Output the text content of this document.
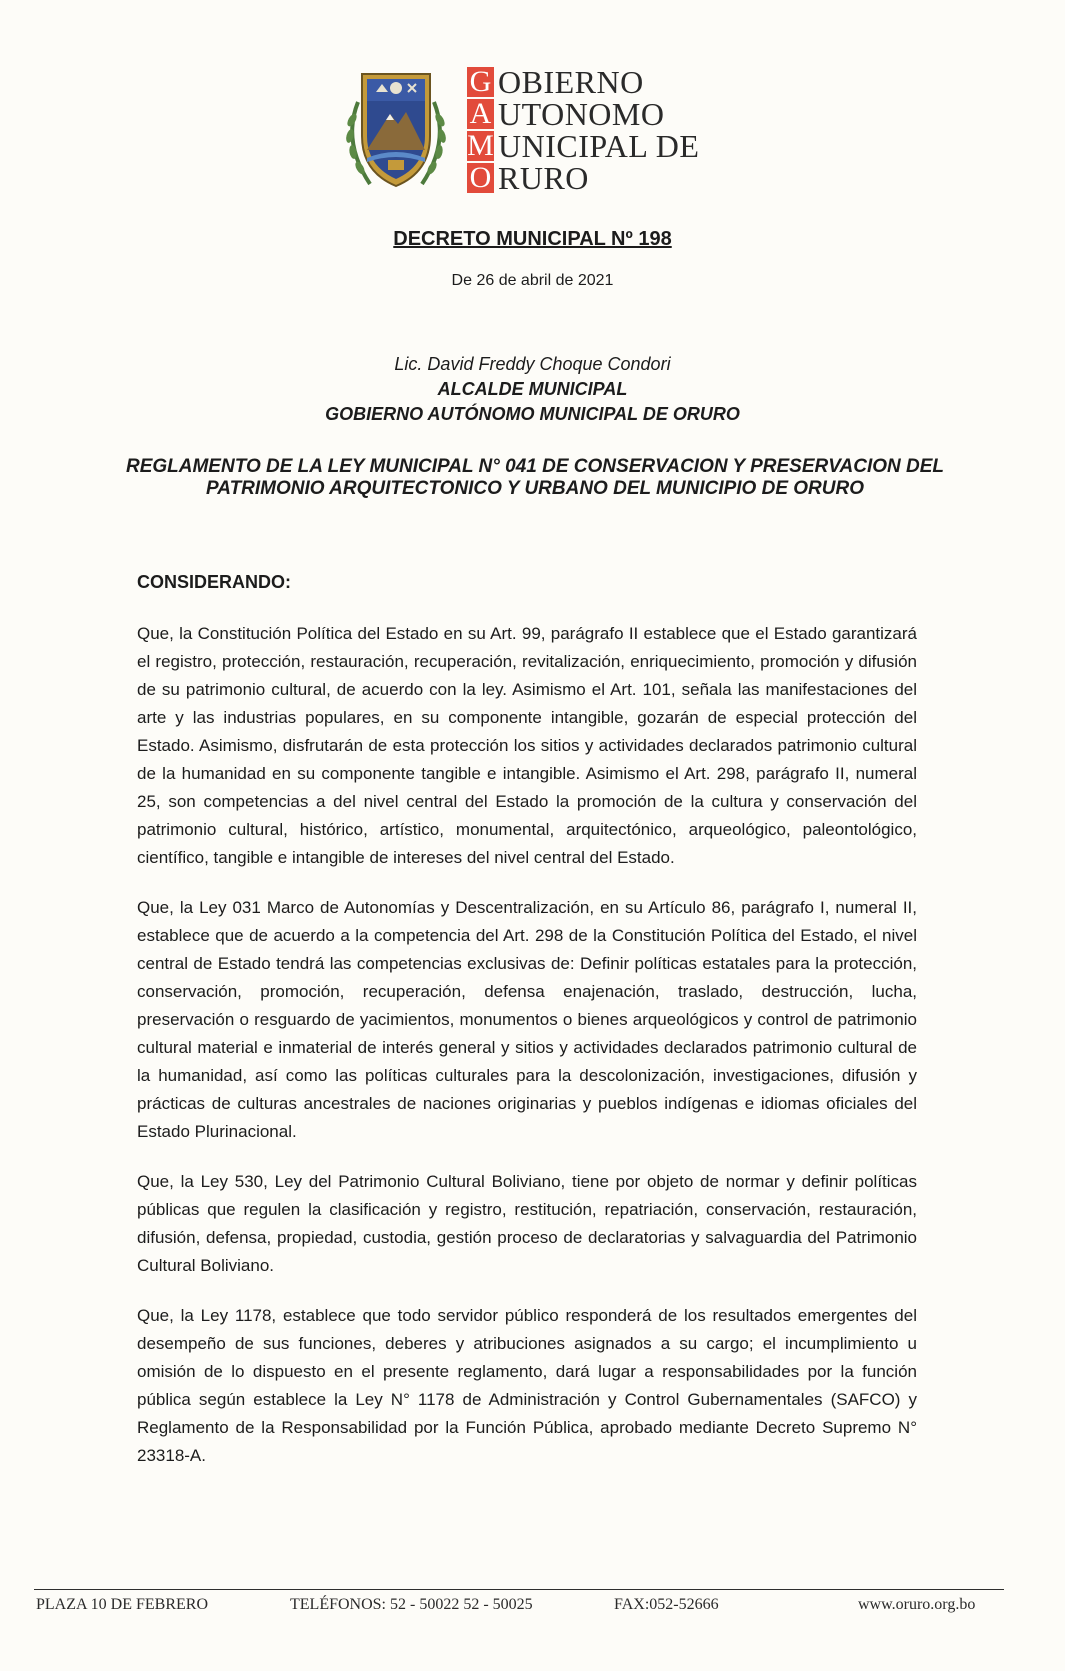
G OBIERNO
A UTONOMO
M UNICIPAL DE
O RURO
DECRETO MUNICIPAL Nº 198
De 26 de abril de 2021
Lic. David Freddy Choque Condori
ALCALDE MUNICIPAL
GOBIERNO AUTÓNOMO MUNICIPAL DE ORURO
REGLAMENTO DE LA LEY MUNICIPAL N° 041 DE CONSERVACION Y PRESERVACION DEL PATRIMONIO ARQUITECTONICO Y URBANO DEL MUNICIPIO DE ORURO
CONSIDERANDO:

Que, la Constitución Política del Estado en su Art. 99, parágrafo II establece que el Estado garantizará el registro, protección, restauración, recuperación, revitalización, enriquecimiento, promoción y difusión de su patrimonio cultural, de acuerdo con la ley. Asimismo el Art. 101, señala las manifestaciones del arte y las industrias populares, en su componente intangible, gozarán de especial protección del Estado. Asimismo, disfrutarán de esta protección los sitios y actividades declarados patrimonio cultural de la humanidad en su componente tangible e intangible. Asimismo el Art. 298, parágrafo II, numeral 25, son competencias a del nivel central del Estado la promoción de la cultura y conservación del patrimonio cultural, histórico, artístico, monumental, arquitectónico, arqueológico, paleontológico, científico, tangible e intangible de intereses del nivel central del Estado.

Que, la Ley 031 Marco de Autonomías y Descentralización, en su Artículo 86, parágrafo I, numeral II, establece que de acuerdo a la competencia del Art. 298 de la Constitución Política del Estado, el nivel central de Estado tendrá las competencias exclusivas de: Definir políticas estatales para la protección, conservación, promoción, recuperación, defensa enajenación, traslado, destrucción, lucha, preservación o resguardo de yacimientos, monumentos o bienes arqueológicos y control de patrimonio cultural material e inmaterial de interés general y sitios y actividades declarados patrimonio cultural de la humanidad, así como las políticas culturales para la descolonización, investigaciones, difusión y prácticas de culturas ancestrales de naciones originarias y pueblos indígenas e idiomas oficiales del Estado Plurinacional.

Que, la Ley 530, Ley del Patrimonio Cultural Boliviano, tiene por objeto de normar y definir políticas públicas que regulen la clasificación y registro, restitución, repatriación, conservación, restauración, difusión, defensa, propiedad, custodia, gestión proceso de declaratorias y salvaguardia del Patrimonio Cultural Boliviano.

Que, la Ley 1178, establece que todo servidor público responderá de los resultados emergentes del desempeño de sus funciones, deberes y atribuciones asignados a su cargo; el incumplimiento u omisión de lo dispuesto en el presente reglamento, dará lugar a responsabilidades por la función pública según establece la Ley N° 1178 de Administración y Control Gubernamentales (SAFCO) y Reglamento de la Responsabilidad por la Función Pública, aprobado mediante Decreto Supremo N° 23318-A.

PLAZA 10 DE FEBRERO	TELÉFONOS: 52 - 50022 52 - 50025	FAX:052-52666	www.oruro.org.bo
